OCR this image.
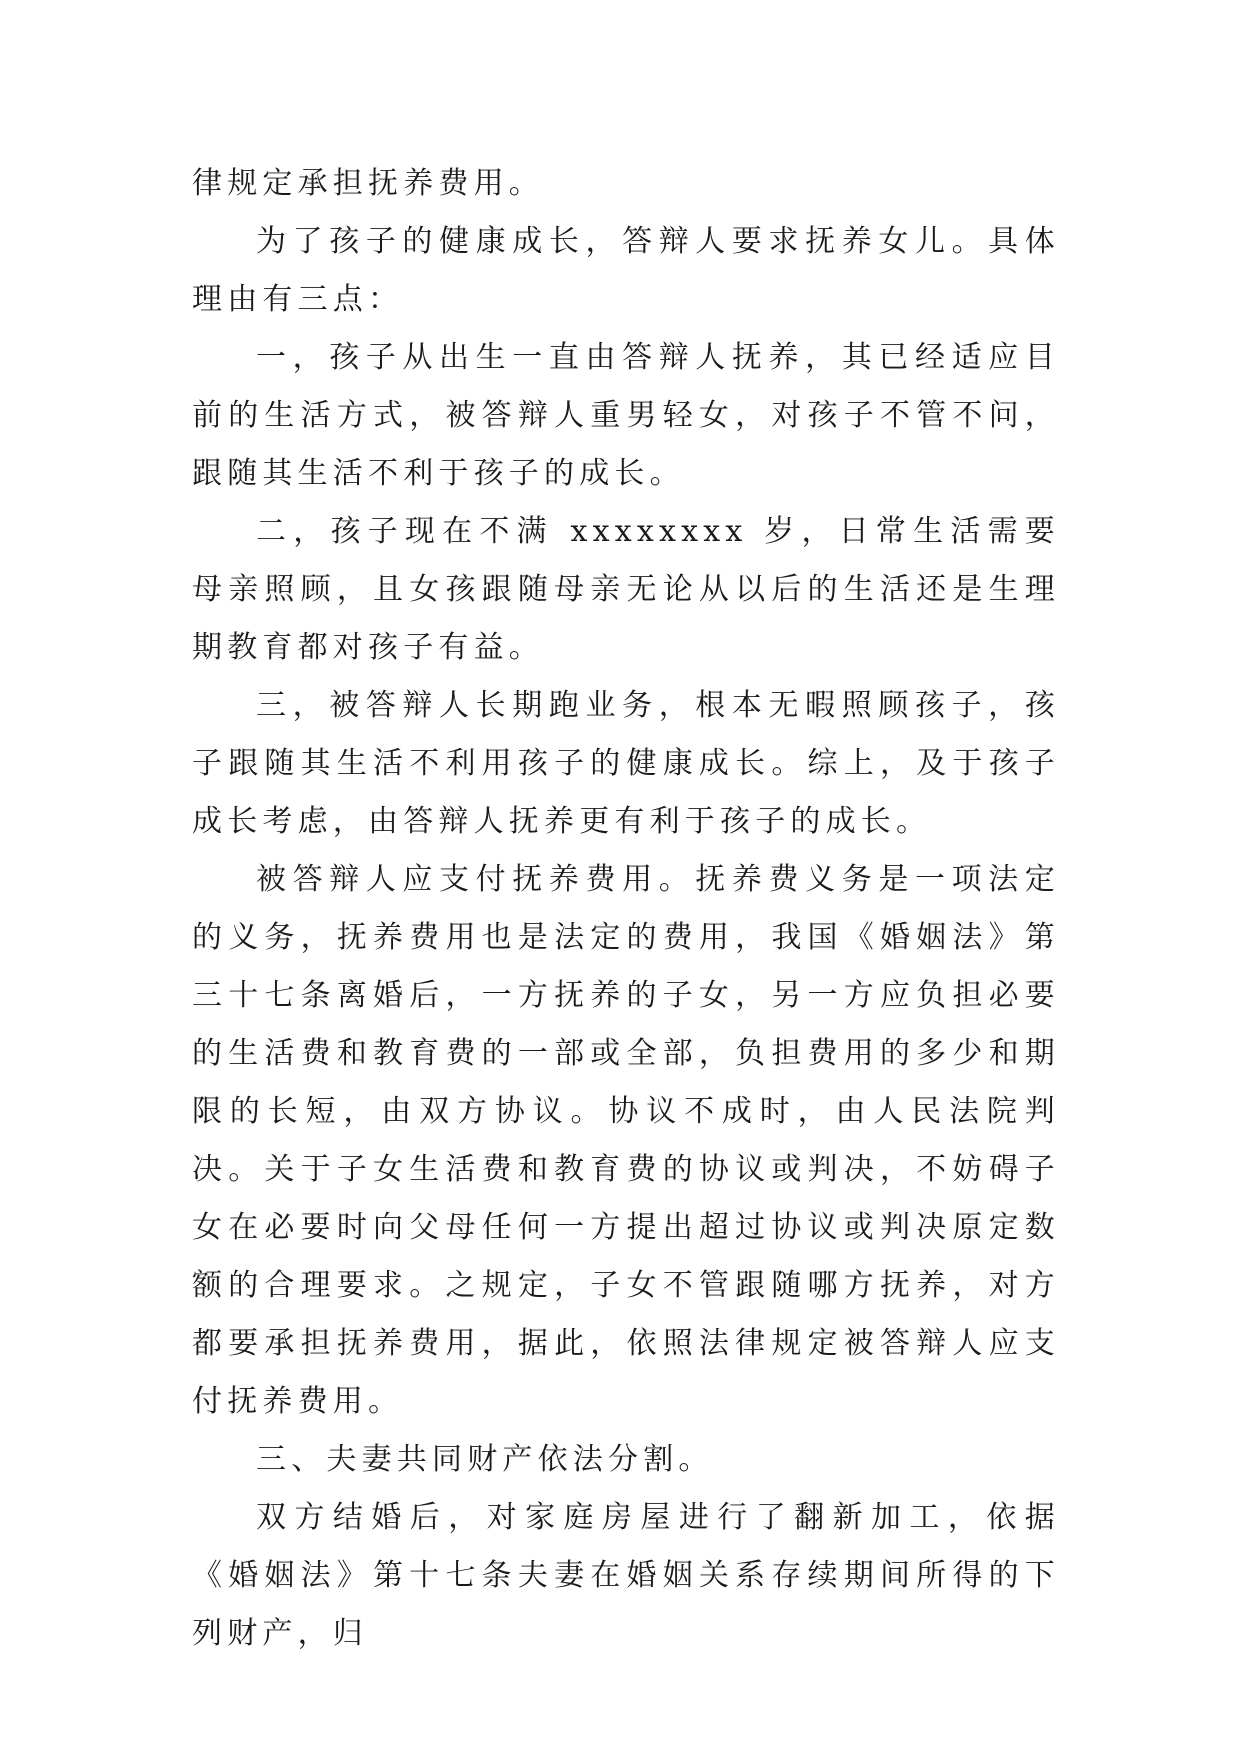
律规定承担抚养费用。

为了孩子的健康成长，答辩人要求抚养女儿。具体理由有三点：

一，孩子从出生一直由答辩人抚养，其已经适应目前的生活方式，被答辩人重男轻女，对孩子不管不问，跟随其生活不利于孩子的成长。

二，孩子现在不满 xxxxxxxx 岁，日常生活需要母亲照顾，且女孩跟随母亲无论从以后的生活还是生理期教育都对孩子有益。

三，被答辩人长期跑业务，根本无暇照顾孩子，孩子跟随其生活不利用孩子的健康成长。综上，及于孩子成长考虑，由答辩人抚养更有利于孩子的成长。

被答辩人应支付抚养费用。抚养费义务是一项法定的义务，抚养费用也是法定的费用，我国《婚姻法》第三十七条离婚后，一方抚养的子女，另一方应负担必要的生活费和教育费的一部或全部，负担费用的多少和期限的长短，由双方协议。协议不成时，由人民法院判决。关于子女生活费和教育费的协议或判决，不妨碍子女在必要时向父母任何一方提出超过协议或判决原定数额的合理要求。之规定，子女不管跟随哪方抚养，对方都要承担抚养费用，据此，依照法律规定被答辩人应支付抚养费用。

三、夫妻共同财产依法分割。

双方结婚后，对家庭房屋进行了翻新加工，依据《婚姻法》第十七条夫妻在婚姻关系存续期间所得的下列财产，归
